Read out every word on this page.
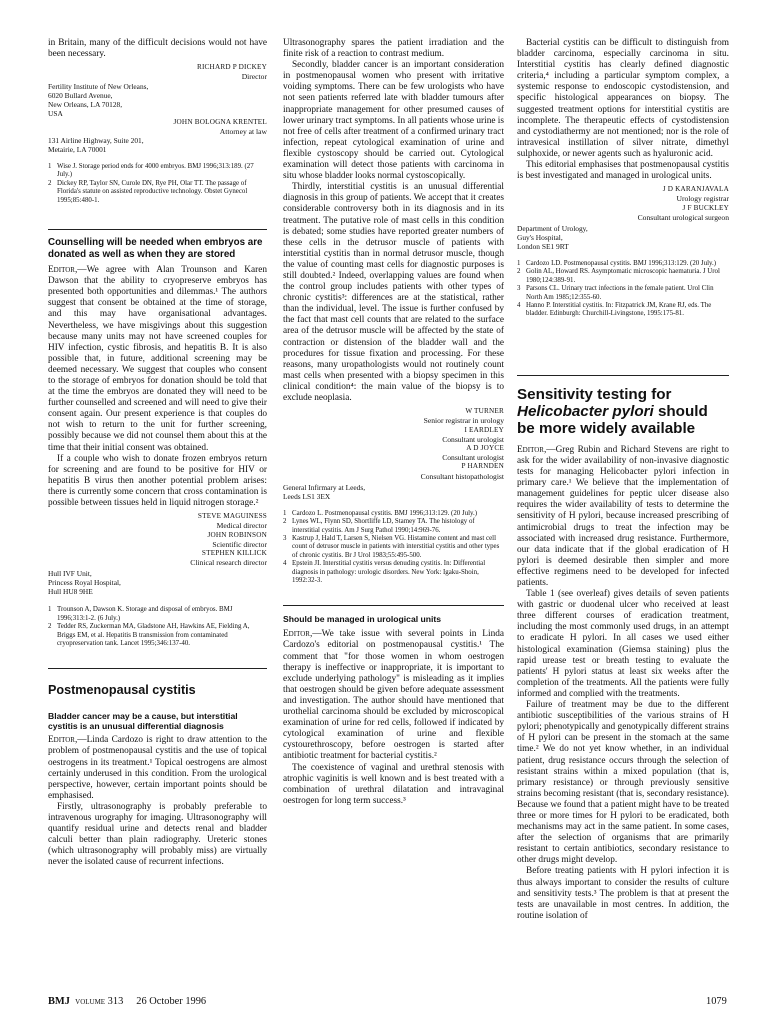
in Britain, many of the difficult decisions would not have been necessary.

RICHARD P DICKEY
Director
Fertility Institute of New Orleans,
6020 Bullard Avenue,
New Orleans, LA 70128,
USA
JOHN BOLOGNA KRENTEL
Attorney at law
131 Airline Highway, Suite 201,
Metairie, LA 70001
1 Wise J. Storage period ends for 4000 embryos. BMJ 1996;313:189. (27 July.)
2 Dickey RP, Taylor SN, Curole DN, Rye PH, Olar TT. The passage of Florida's statute on assisted reproductive technology. Obstet Gynecol 1995;85:480-1.
Counselling will be needed when embryos are donated as well as when they are stored

Editor,—We agree with Alan Trounson and Karen Dawson that the ability to cryopreserve embryos has presented both opportunities and dilemmas.¹ The authors suggest that consent be obtained at the time of storage, and this may have organisational advantages. Nevertheless, we have misgivings about this suggestion because many units may not have screened couples for HIV infection, cystic fibrosis, and hepatitis B. It is also possible that, in future, additional screening may be deemed necessary. We suggest that couples who consent to the storage of embryos for donation should be told that at the time the embryos are donated they will need to be further counselled and screened and will need to give their consent again. Our present experience is that couples do not wish to return to the unit for further screening, possibly because we did not counsel them about this at the time that their initial consent was obtained.

If a couple who wish to donate frozen embryos return for screening and are found to be positive for HIV or hepatitis B virus then another potential problem arises: there is currently some concern that cross contamination is possible between tissues held in liquid nitrogen storage.²

STEVE MAGUINESS
Medical director
JOHN ROBINSON
Scientific director
STEPHEN KILLICK
Clinical research director
Hull IVF Unit,
Princess Royal Hospital,
Hull HU8 9HE
1 Trounson A, Dawson K. Storage and disposal of embryos. BMJ 1996;313:1-2. (6 July.)
2 Tedder RS, Zuckerman MA, Gladstone AH, Hawkins AE, Fielding A, Briggs EM, et al. Hepatitis B transmission from contaminated cryopreservation tank. Lancet 1995;346:137-40.
Postmenopausal cystitis
Bladder cancer may be a cause, but interstitial cystitis is an unusual differential diagnosis

Editor,—Linda Cardozo is right to draw attention to the problem of postmenopausal cystitis and the use of topical oestrogens in its treatment.¹ Topical oestrogens are almost certainly underused in this condition. From the urological perspective, however, certain important points should be emphasised.

Firstly, ultrasonography is probably preferable to intravenous urography for imaging. Ultrasonography will quantify residual urine and detects renal and bladder calculi better than plain radiography. Ureteric stones (which ultrasonography will probably miss) are virtually never the isolated cause of recurrent infections.

Ultrasonography spares the patient irradiation and the finite risk of a reaction to contrast medium.

Secondly, bladder cancer is an important consideration in postmenopausal women who present with irritative voiding symptoms. There can be few urologists who have not seen patients referred late with bladder tumours after inappropriate management for other presumed causes of lower urinary tract symptoms. In all patients whose urine is not free of cells after treatment of a confirmed urinary tract infection, repeat cytological examination of urine and flexible cystoscopy should be carried out. Cytological examination will detect those patients with carcinoma in situ whose bladder looks normal cystoscopically.

Thirdly, interstitial cystitis is an unusual differential diagnosis in this group of patients. We accept that it creates considerable controversy both in its diagnosis and in its treatment. The putative role of mast cells in this condition is debated; some studies have reported greater numbers of these cells in the detrusor muscle of patients with interstitial cystitis than in normal detrusor muscle, though the value of counting mast cells for diagnostic purposes is still doubted.² Indeed, overlapping values are found when the control group includes patients with other types of chronic cystitis³: differences are at the statistical, rather than the individual, level. The issue is further confused by the fact that mast cell counts that are related to the surface area of the detrusor muscle will be affected by the state of contraction or distension of the bladder wall and the procedures for tissue fixation and processing. For these reasons, many uropathologists would not routinely count mast cells when presented with a biopsy specimen in this clinical condition⁴: the main value of the biopsy is to exclude neoplasia.

W TURNER
Senior registrar in urology
I EARDLEY
Consultant urologist
A D JOYCE
Consultant urologist
P HARNDEN
Consultant histopathologist
General Infirmary at Leeds,
Leeds LS1 3EX
1 Cardozo L. Postmenopausal cystitis. BMJ 1996;313:129. (20 July.)
2 Lynes WL, Flynn SD, Shortliffe LD, Stamey TA. The histology of interstitial cystitis. Am J Surg Pathol 1990;14:969-76.
3 Kastrup J, Hald T, Larsen S, Nielsen VG. Histamine content and mast cell count of detrusor muscle in patients with interstitial cystitis and other types of chronic cystitis. Br J Urol 1983;55:495-500.
4 Epstein JI. Interstitial cystitis versus denuding cystitis. In: Differential diagnosis in pathology: urologic disorders. New York: Igaku-Shoin, 1992:32-3.
Should be managed in urological units

Editor,—We take issue with several points in Linda Cardozo's editorial on postmenopausal cystitis.¹ The comment that "for those women in whom oestrogen therapy is ineffective or inappropriate, it is important to exclude underlying pathology" is misleading as it implies that oestrogen should be given before adequate assessment and investigation. The author should have mentioned that urothelial carcinoma should be excluded by microscopical examination of urine for red cells, followed if indicated by cytological examination of urine and flexible cystourethroscopy, before oestrogen is started after antibiotic treatment for bacterial cystitis.²

The coexistence of vaginal and urethral stenosis with atrophic vaginitis is well known and is best treated with a combination of urethral dilatation and intravaginal oestrogen for long term success.³

Bacterial cystitis can be difficult to distinguish from bladder carcinoma, especially carcinoma in situ. Interstitial cystitis has clearly defined diagnostic criteria,⁴ including a particular symptom complex, a systemic response to endoscopic cystodistension, and specific histological appearances on biopsy. The suggested treatment options for interstitial cystitis are incomplete. The therapeutic effects of cystodistension and cystodiathermy are not mentioned; nor is the role of intravesical instillation of silver nitrate, dimethyl sulphoxide, or newer agents such as hyaluronic acid.

This editorial emphasises that postmenopausal cystitis is best investigated and managed in urological units.

J D KARANJAVALA
Urology registrar
J F BUCKLEY
Consultant urological surgeon
Department of Urology,
Guy's Hospital,
London SE1 9RT
1 Cardozo LD. Postmenopausal cystitis. BMJ 1996;313:129. (20 July.)
2 Golin AL, Howard RS. Asymptomatic microscopic haematuria. J Urol 1980;124:389-91.
3 Parsons CL. Urinary tract infections in the female patient. Urol Clin North Am 1985;12:355-60.
4 Hanno P. Interstitial cystitis. In: Fitzpatrick JM, Krane RJ, eds. The bladder. Edinburgh: Churchill-Livingstone, 1995:175-81.
Sensitivity testing for
Helicobacter pylori should be more widely available

Editor,—Greg Rubin and Richard Stevens are right to ask for the wider availability of non-invasive diagnostic tests for managing Helicobacter pylori infection in primary care.¹ We believe that the implementation of management guidelines for peptic ulcer disease also requires the wider availability of tests to determine the sensitivity of H pylori, because increased prescribing of antimicrobial drugs to treat the infection may be associated with increased drug resistance. Furthermore, our data indicate that if the global eradication of H pylori is deemed desirable then simpler and more effective regimens need to be developed for infected patients.

Table 1 (see overleaf) gives details of seven patients with gastric or duodenal ulcer who received at least three different courses of eradication treatment, including the most commonly used drugs, in an attempt to eradicate H pylori. In all cases we used either histological examination (Giemsa staining) plus the rapid urease test or breath testing to evaluate the patients' H pylori status at least six weeks after the completion of the treatments. All the patients were fully informed and complied with the treatments.

Failure of treatment may be due to the different antibiotic susceptibilities of the various strains of H pylori; phenotypically and genotypically different strains of H pylori can be present in the stomach at the same time.² We do not yet know whether, in an individual patient, drug resistance occurs through the selection of resistant strains within a mixed population (that is, primary resistance) or through previously sensitive strains becoming resistant (that is, secondary resistance). Because we found that a patient might have to be treated three or more times for H pylori to be eradicated, both mechanisms may act in the same patient. In some cases, after the selection of organisms that are primarily resistant to certain antibiotics, secondary resistance to other drugs might develop.

Before treating patients with H pylori infection it is thus always important to consider the results of culture and sensitivity tests.³ The problem is that at present the tests are unavailable in most centres. In addition, the routine isolation of

BMJ volume 313 26 October 1996	1079
